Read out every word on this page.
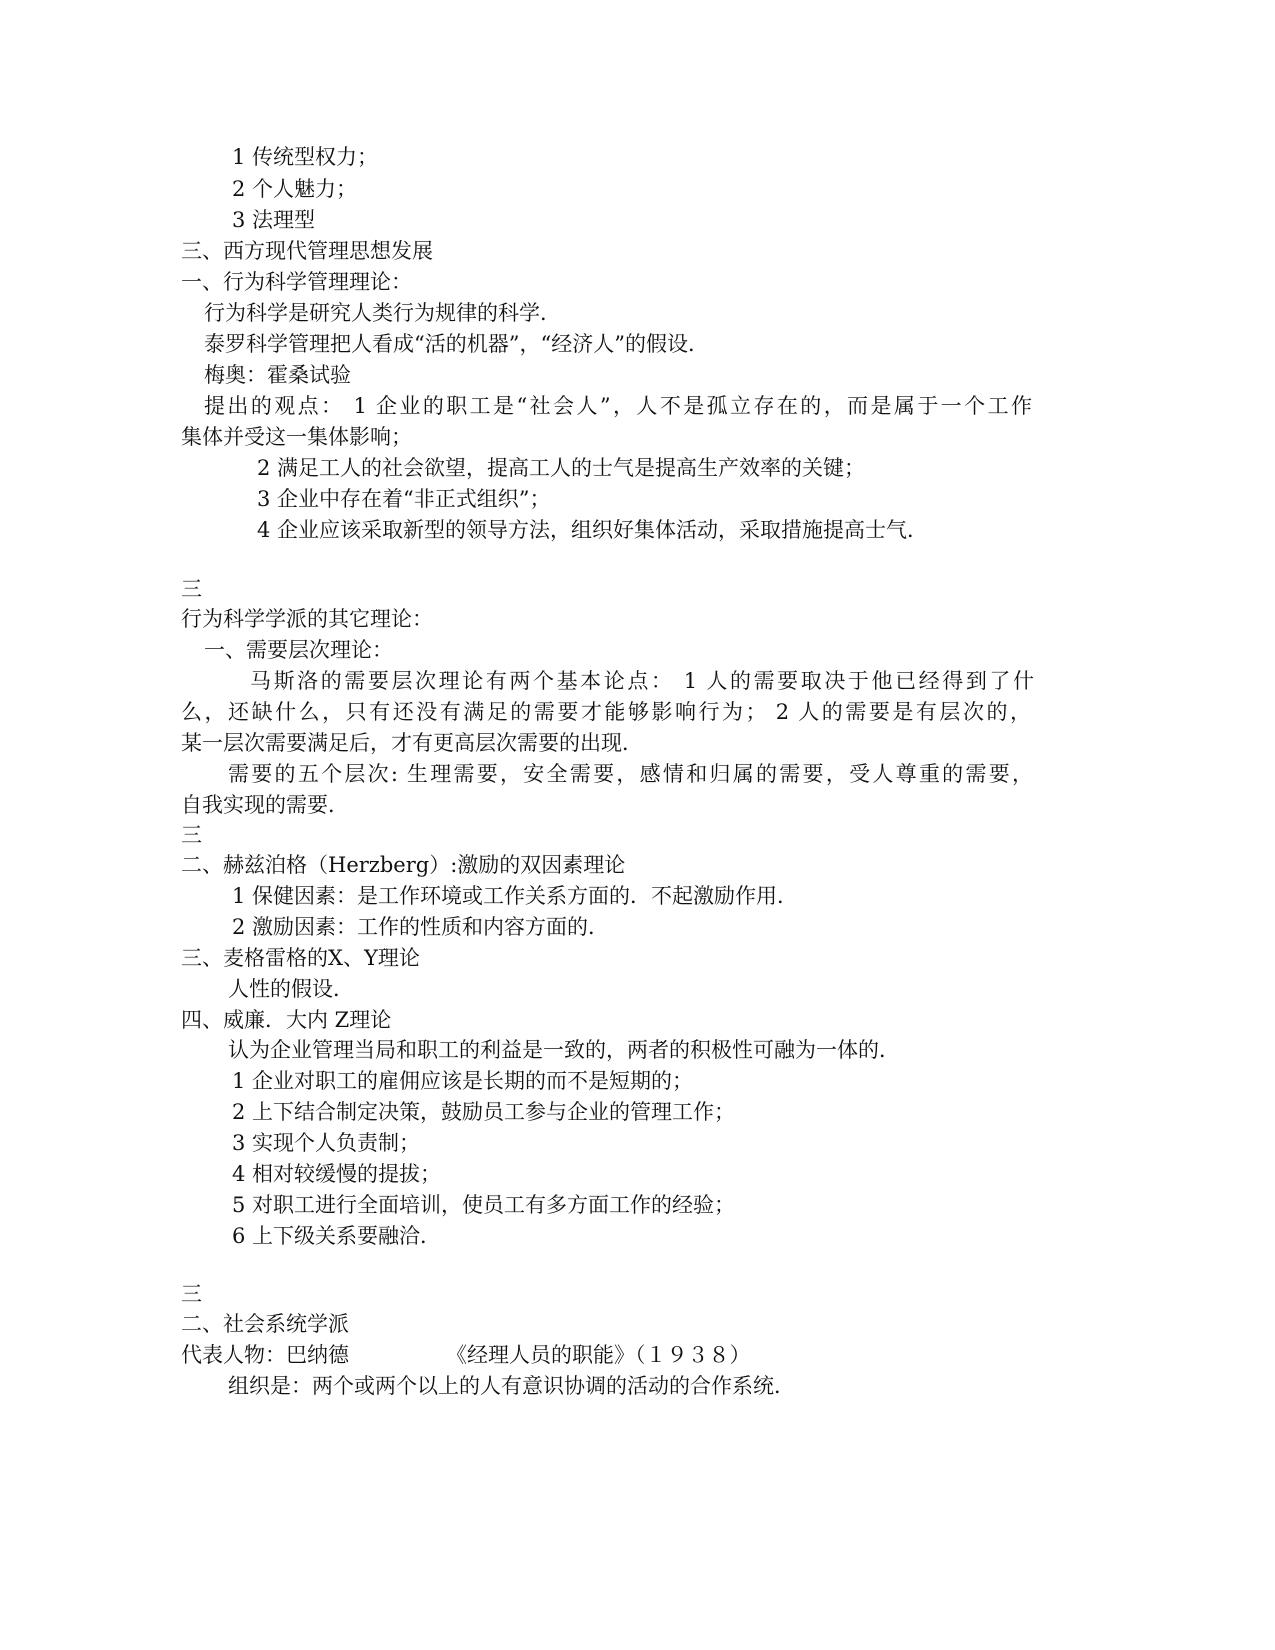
1 传统型权力；

2 个人魅力；

3 法理型

三、西方现代管理思想发展

一、行为科学管理理论：

行为科学是研究人类行为规律的科学．

泰罗科学管理把人看成“活的机器”，“经济人”的假设．

梅奥：霍桑试验

提出的观点： 1 企业的职工是“社会人”，人不是孤立存在的，而是属于一个工作

集体并受这一集体影响；

2 满足工人的社会欲望，提高工人的士气是提高生产效率的关键；

3 企业中存在着“非正式组织”；

4 企业应该采取新型的领导方法，组织好集体活动，采取措施提高士气．

三

行为科学学派的其它理论：

一、需要层次理论：

马斯洛的需要层次理论有两个基本论点： 1 人的需要取决于他已经得到了什

么，还缺什么，只有还没有满足的需要才能够影响行为； 2 人的需要是有层次的，

某一层次需要满足后，才有更高层次需要的出现．

需要的五个层次: 生理需要，安全需要，感情和归属的需要，受人尊重的需要，

自我实现的需要．

三

二、赫兹泊格（Herzberg）:激励的双因素理论

1 保健因素：是工作环境或工作关系方面的．不起激励作用．

2 激励因素：工作的性质和内容方面的．

三、麦格雷格的X、Y理论

人性的假设．

四、威廉．大内 Z理论

认为企业管理当局和职工的利益是一致的，两者的积极性可融为一体的．

1 企业对职工的雇佣应该是长期的而不是短期的；

2 上下结合制定决策，鼓励员工参与企业的管理工作；

3 实现个人负责制；

4 相对较缓慢的提拔；

5 对职工进行全面培训，使员工有多方面工作的经验；

6 上下级关系要融洽．

三

二、社会系统学派

代表人物：巴纳德	《经理人员的职能》（１９３８）

组织是：两个或两个以上的人有意识协调的活动的合作系统．
